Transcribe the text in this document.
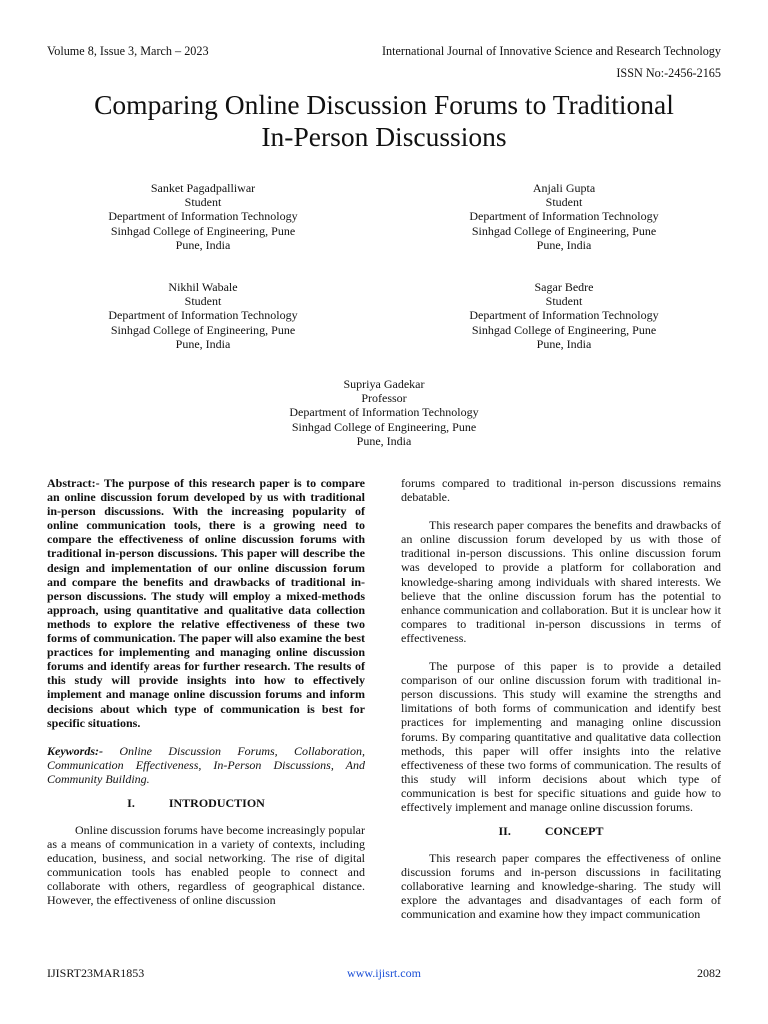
Volume 8, Issue 3, March – 2023	International Journal of Innovative Science and Research Technology
ISSN No:-2456-2165
Comparing Online Discussion Forums to Traditional
In-Person Discussions
Sanket Pagadpalliwar
Student
Department of Information Technology
Sinhgad College of Engineering, Pune
Pune, India
Anjali Gupta
Student
Department of Information Technology
Sinhgad College of Engineering, Pune
Pune, India
Nikhil Wabale
Student
Department of Information Technology
Sinhgad College of Engineering, Pune
Pune, India
Sagar Bedre
Student
Department of Information Technology
Sinhgad College of Engineering, Pune
Pune, India
Supriya Gadekar
Professor
Department of Information Technology
Sinhgad College of Engineering, Pune
Pune, India

Abstract:- The purpose of this research paper is to compare an online discussion forum developed by us with traditional in-person discussions. With the increasing popularity of online communication tools, there is a growing need to compare the effectiveness of online discussion forums with traditional in-person discussions. This paper will describe the design and implementation of our online discussion forum and compare the benefits and drawbacks of traditional in-person discussions. The study will employ a mixed-methods approach, using quantitative and qualitative data collection methods to explore the relative effectiveness of these two forms of communication. The paper will also examine the best practices for implementing and managing online discussion forums and identify areas for further research. The results of this study will provide insights into how to effectively implement and manage online discussion forums and inform decisions about which type of communication is best for specific situations.

Keywords:- Online Discussion Forums, Collaboration, Communication Effectiveness, In-Person Discussions, And Community Building.

I.	INTRODUCTION

Online discussion forums have become increasingly popular as a means of communication in a variety of contexts, including education, business, and social networking. The rise of digital communication tools has enabled people to connect and collaborate with others, regardless of geographical distance. However, the effectiveness of online discussion

forums compared to traditional in-person discussions remains debatable.

This research paper compares the benefits and drawbacks of an online discussion forum developed by us with those of traditional in-person discussions. This online discussion forum was developed to provide a platform for collaboration and knowledge-sharing among individuals with shared interests. We believe that the online discussion forum has the potential to enhance communication and collaboration. But it is unclear how it compares to traditional in-person discussions in terms of effectiveness.

The purpose of this paper is to provide a detailed comparison of our online discussion forum with traditional in-person discussions. This study will examine the strengths and limitations of both forms of communication and identify best practices for implementing and managing online discussion forums. By comparing quantitative and qualitative data collection methods, this paper will offer insights into the relative effectiveness of these two forms of communication. The results of this study will inform decisions about which type of communication is best for specific situations and guide how to effectively implement and manage online discussion forums.

II.	CONCEPT

This research paper compares the effectiveness of online discussion forums and in-person discussions in facilitating collaborative learning and knowledge-sharing. The study will explore the advantages and disadvantages of each form of communication and examine how they impact communication

IJISRT23MAR1853	www.ijisrt.com	2082
